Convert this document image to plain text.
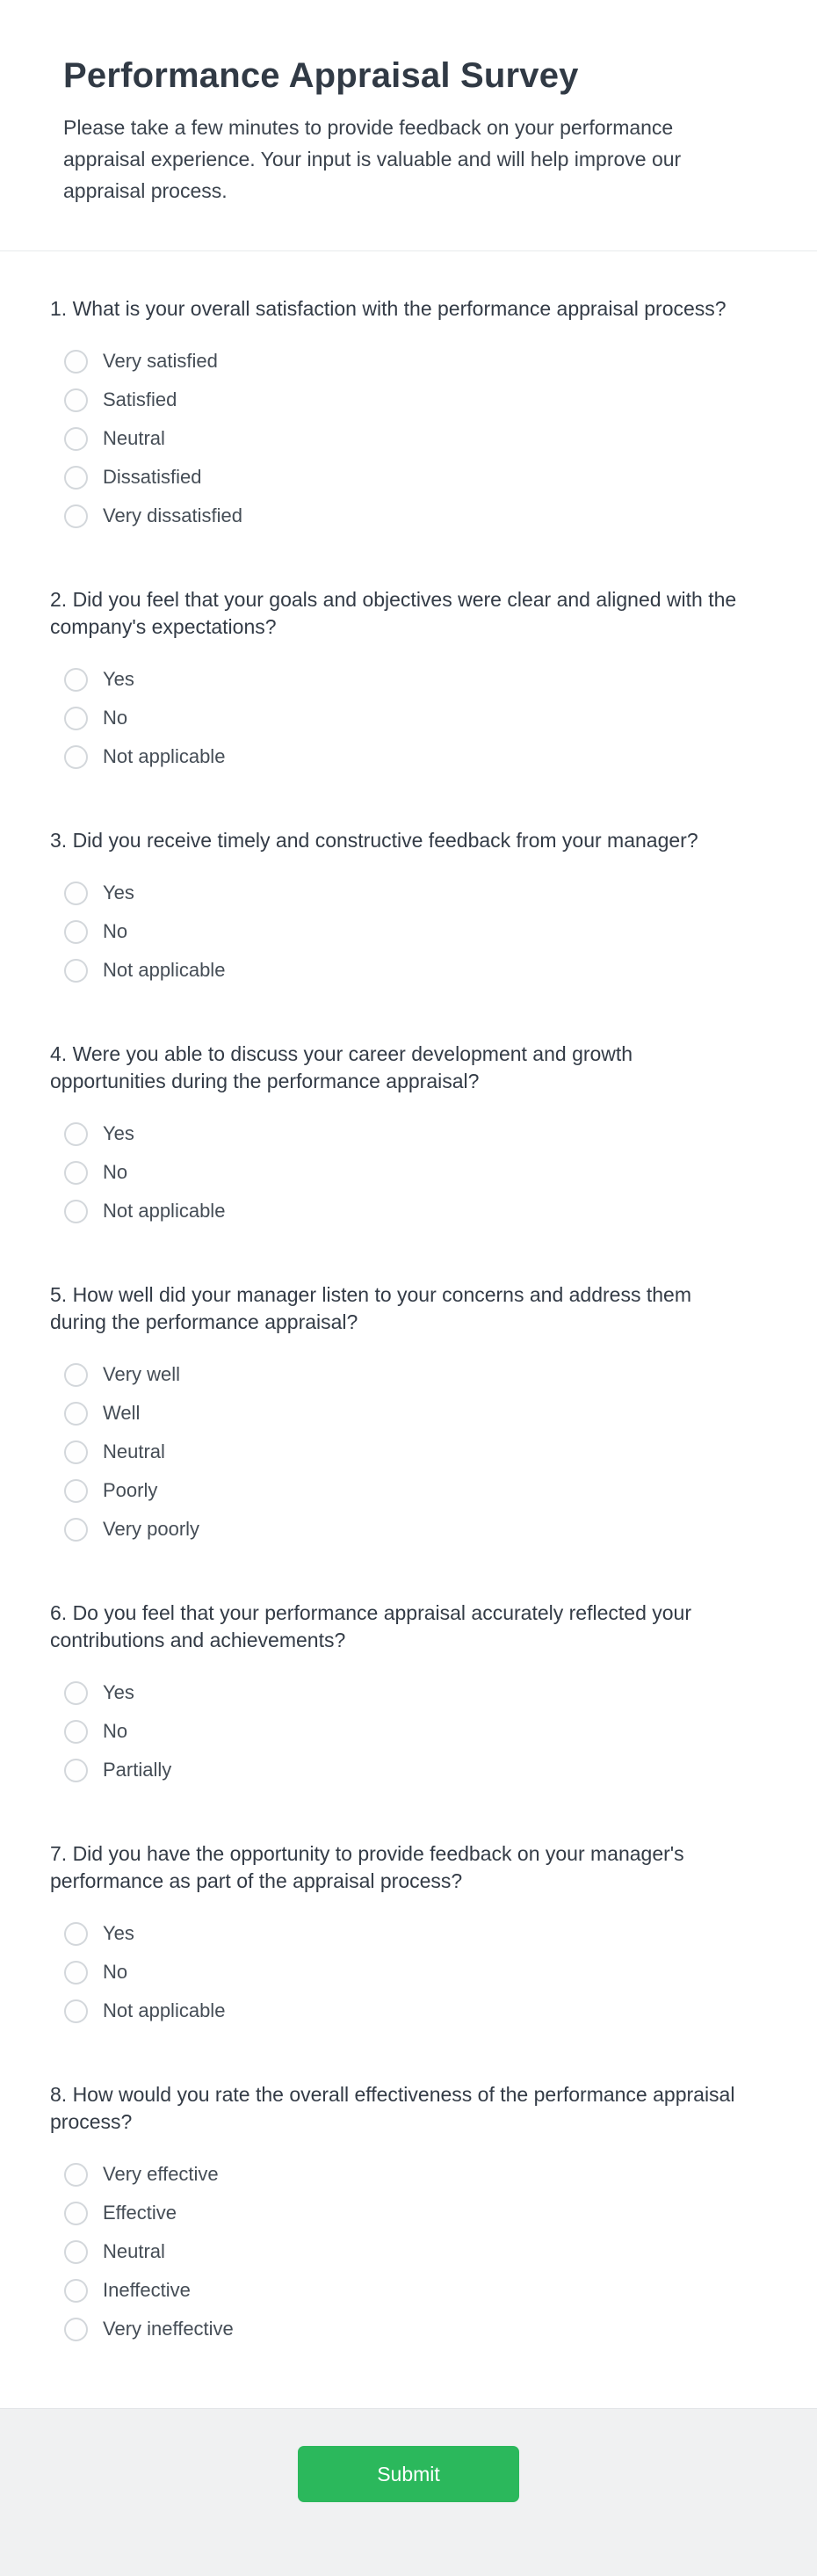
Performance Appraisal Survey

Please take a few minutes to provide feedback on your performance appraisal experience. Your input is valuable and will help improve our appraisal process.

1. What is your overall satisfaction with the performance appraisal process?
Very satisfied
Satisfied
Neutral
Dissatisfied
Very dissatisfied
2. Did you feel that your goals and objectives were clear and aligned with the company's expectations?
Yes
No
Not applicable
3. Did you receive timely and constructive feedback from your manager?
Yes
No
Not applicable
4. Were you able to discuss your career development and growth opportunities during the performance appraisal?
Yes
No
Not applicable
5. How well did your manager listen to your concerns and address them during the performance appraisal?
Very well
Well
Neutral
Poorly
Very poorly
6. Do you feel that your performance appraisal accurately reflected your contributions and achievements?
Yes
No
Partially
7. Did you have the opportunity to provide feedback on your manager's performance as part of the appraisal process?
Yes
No
Not applicable
8. How would you rate the overall effectiveness of the performance appraisal process?
Very effective
Effective
Neutral
Ineffective
Very ineffective
Submit
